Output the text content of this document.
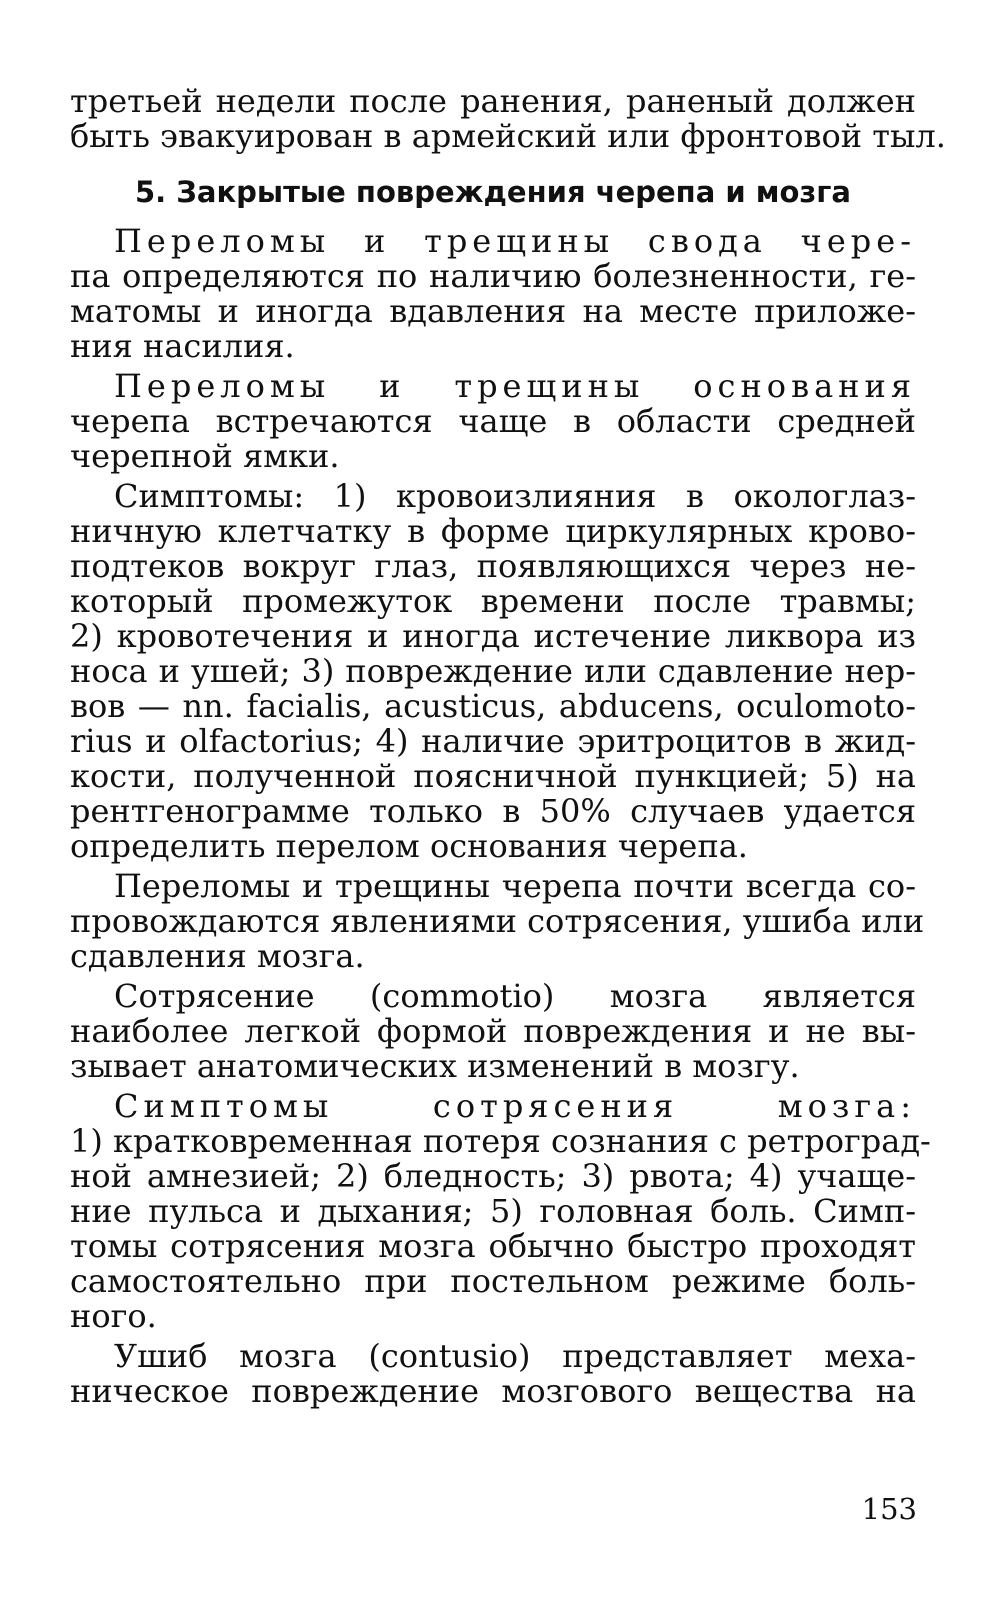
третьей недели после ранения, раненый должен
быть эвакуирован в армейский или фронтовой тыл.
5. Закрытые повреждения черепа и мозга
Переломы и трещины свода чере-
па определяются по наличию болезненности, ге-
матомы и иногда вдавления на месте приложе-
ния насилия.
Переломы и трещины основания
черепа встречаются чаще в области средней
черепной ямки.
Симптомы: 1) кровоизлияния в окологлаз-
ничную клетчатку в форме циркулярных крово-
подтеков вокруг глаз, появляющихся через не-
который промежуток времени после травмы;
2) кровотечения и иногда истечение ликвора из
носа и ушей; 3) повреждение или сдавление нер-
вов — nn. facialis, acusticus, abducens, oculomoto-
rius и olfactorius; 4) наличие эритроцитов в жид-
кости, полученной поясничной пункцией; 5) на
рентгенограмме только в 50% случаев удается
определить перелом основания черепа.
Переломы и трещины черепа почти всегда со-
провождаются явлениями сотрясения, ушиба или
сдавления мозга.
Сотрясение (commotio) мозга является
наиболее легкой формой повреждения и не вы-
зывает анатомических изменений в мозгу.
Симптомы сотрясения мозга:
1) кратковременная потеря сознания с ретроград-
ной амнезией; 2) бледность; 3) рвота; 4) учаще-
ние пульса и дыхания; 5) головная боль. Симп-
томы сотрясения мозга обычно быстро проходят
самостоятельно при постельном режиме боль-
ного.
Ушиб мозга (contusio) представляет меха-
ническое повреждение мозгового вещества на
153
